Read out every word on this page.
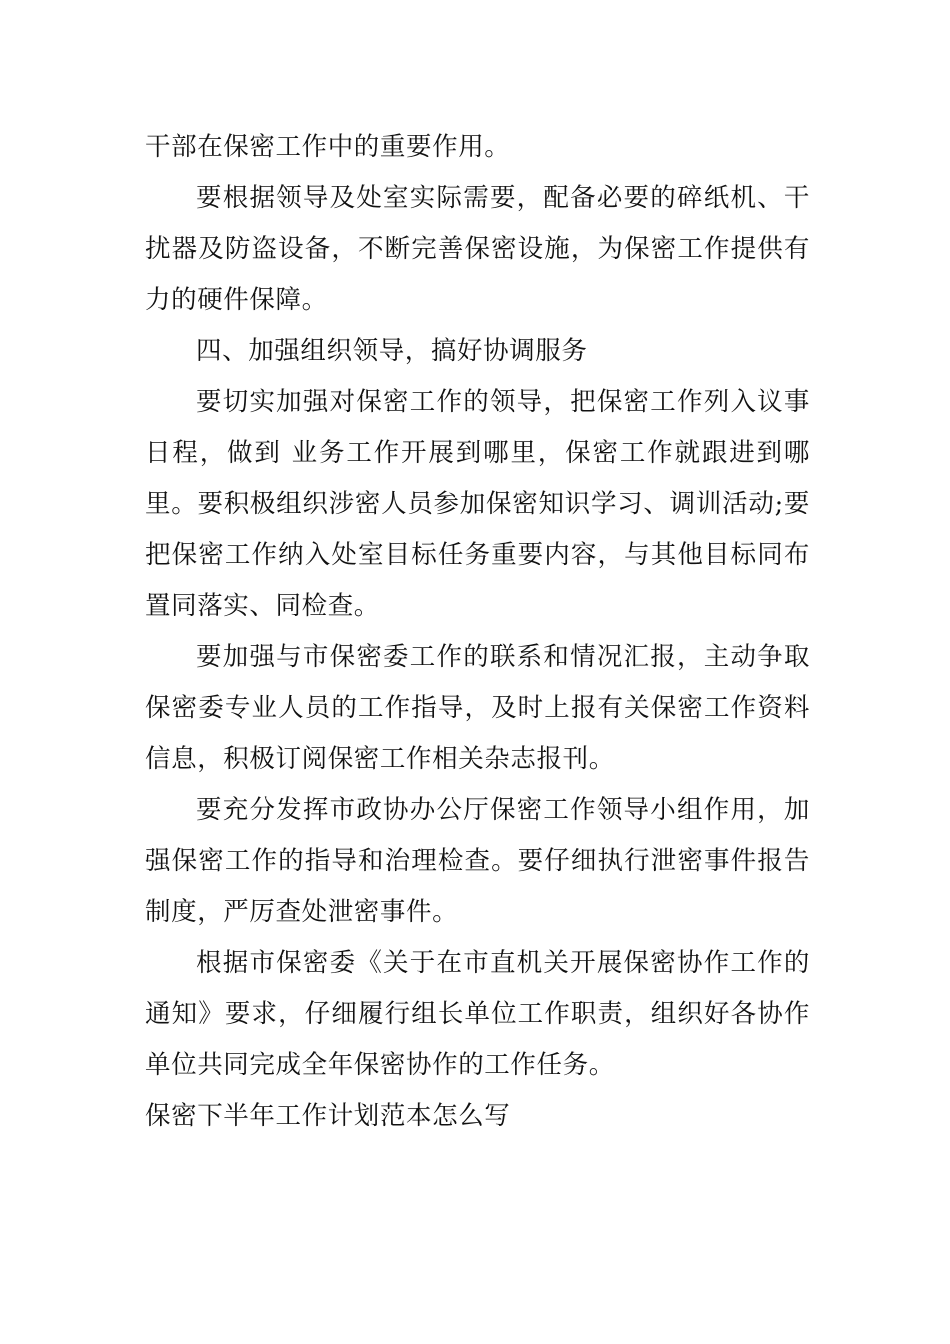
干部在保密工作中的重要作用。

要根据领导及处室实际需要，配备必要的碎纸机、干扰器及防盗设备，不断完善保密设施，为保密工作提供有力的硬件保障。

四、加强组织领导，搞好协调服务

要切实加强对保密工作的领导，把保密工作列入议事日程，做到 业务工作开展到哪里，保密工作就跟进到哪里。要积极组织涉密人员参加保密知识学习、调训活动;要把保密工作纳入处室目标任务重要内容，与其他目标同布置同落实、同检查。

要加强与市保密委工作的联系和情况汇报，主动争取保密委专业人员的工作指导，及时上报有关保密工作资料信息，积极订阅保密工作相关杂志报刊。

要充分发挥市政协办公厅保密工作领导小组作用，加强保密工作的指导和治理检查。要仔细执行泄密事件报告制度，严厉查处泄密事件。

根据市保密委《关于在市直机关开展保密协作工作的通知》要求，仔细履行组长单位工作职责，组织好各协作单位共同完成全年保密协作的工作任务。

保密下半年工作计划范本怎么写
